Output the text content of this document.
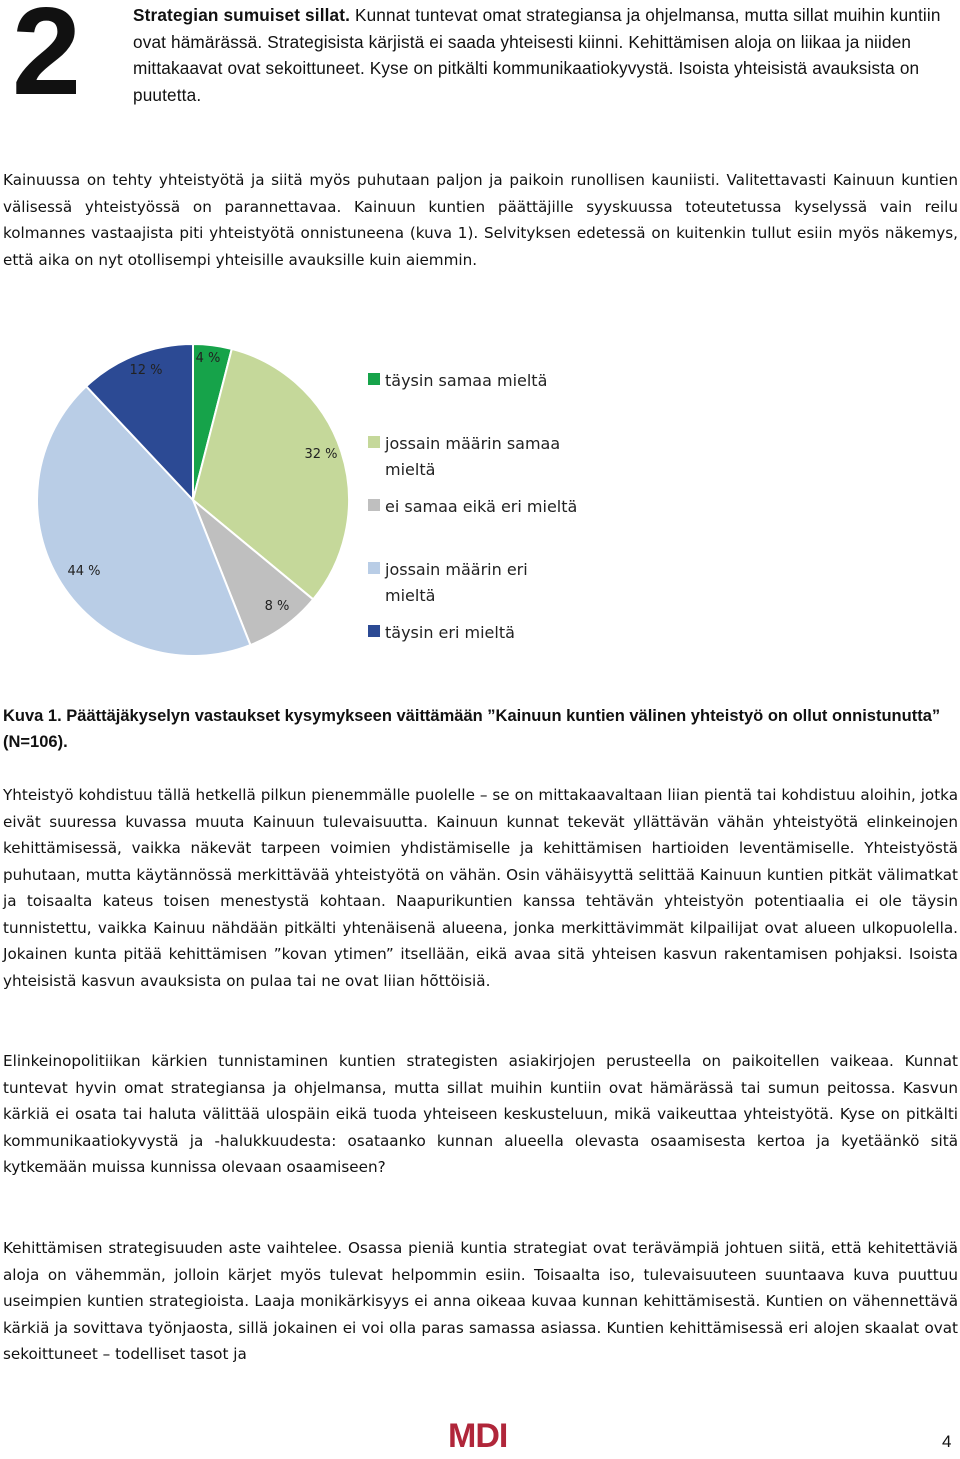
2	Strategian sumuiset sillat. Kunnat tuntevat omat strategiansa ja ohjelmansa, mutta sillat muihin kuntiin ovat hämärässä. Strategisista kärjistä ei saada yhteisesti kiinni. Kehittämisen aloja on liikaa ja niiden mittakaavat ovat sekoittuneet. Kyse on pitkälti kommunikaatiokyvystä. Isoista yhteisistä avauksista on puutetta.

Kainuussa on tehty yhteistyötä ja siitä myös puhutaan paljon ja paikoin runollisen kauniisti. Valitettavasti Kainuun kuntien välisessä yhteistyössä on parannettavaa. Kainuun kuntien päättäjille syyskuussa toteutetussa kyselyssä vain reilu kolmannes vastaajista piti yhteistyötä onnistuneena (kuva 1). Selvityksen edetessä on kuitenkin tullut esiin myös näkemys, että aika on nyt otollisempi yhteisille avauksille kuin aiemmin.

4 %
32 %
8 %
44 %
12 %
täysin samaa mieltä
jossain määrin samaa
mieltä
ei samaa eikä eri mieltä
jossain määrin eri
mieltä
täysin eri mieltä
Kuva 1. Päättäjäkyselyn vastaukset kysymykseen väittämään ”Kainuun kuntien välinen yhteistyö on ollut onnistunutta” (N=106).

Yhteistyö kohdistuu tällä hetkellä pilkun pienemmälle puolelle – se on mittakaavaltaan liian pientä tai kohdistuu aloihin, jotka eivät suuressa kuvassa muuta Kainuun tulevaisuutta. Kainuun kunnat tekevät yllättävän vähän yhteistyötä elinkeinojen kehittämisessä, vaikka näkevät tarpeen voimien yhdistämiselle ja kehittämisen hartioiden leventämiselle. Yhteistyöstä puhutaan, mutta käytännössä merkittävää yhteistyötä on vähän. Osin vähäisyyttä selittää Kainuun kuntien pitkät välimatkat ja toisaalta kateus toisen menestystä kohtaan. Naapurikuntien kanssa tehtävän yhteistyön potentiaalia ei ole täysin tunnistettu, vaikka Kainuu nähdään pitkälti yhtenäisenä alueena, jonka merkittävimmät kilpailijat ovat alueen ulkopuolella. Jokainen kunta pitää kehittämisen ”kovan ytimen” itsellään, eikä avaa sitä yhteisen kasvun rakentamisen pohjaksi. Isoista yhteisistä kasvun avauksista on pulaa tai ne ovat liian hõttöisiä.

Elinkeinopolitiikan kärkien tunnistaminen kuntien strategisten asiakirjojen perusteella on paikoitellen vaikeaa. Kunnat tuntevat hyvin omat strategiansa ja ohjelmansa, mutta sillat muihin kuntiin ovat hämärässä tai sumun peitossa. Kasvun kärkiä ei osata tai haluta välittää ulospäin eikä tuoda yhteiseen keskusteluun, mikä vaikeuttaa yhteistyötä. Kyse on pitkälti kommunikaatiokyvystä ja -halukkuudesta: osataanko kunnan alueella olevasta osaamisesta kertoa ja kyetäänkö sitä kytkemään muissa kunnissa olevaan osaamiseen?

Kehittämisen strategisuuden aste vaihtelee. Osassa pieniä kuntia strategiat ovat terävämpiä johtuen siitä, että kehitettäviä aloja on vähemmän, jolloin kärjet myös tulevat helpommin esiin. Toisaalta iso, tulevaisuuteen suuntaava kuva puuttuu useimpien kuntien strategioista. Laaja monikärkisyys ei anna oikeaa kuvaa kunnan kehittämisestä. Kuntien on vähennettävä kärkiä ja sovittava työnjaosta, sillä jokainen ei voi olla paras samassa asiassa. Kuntien kehittämisessä eri alojen skaalat ovat sekoittuneet – todelliset tasot ja

MDI	4
